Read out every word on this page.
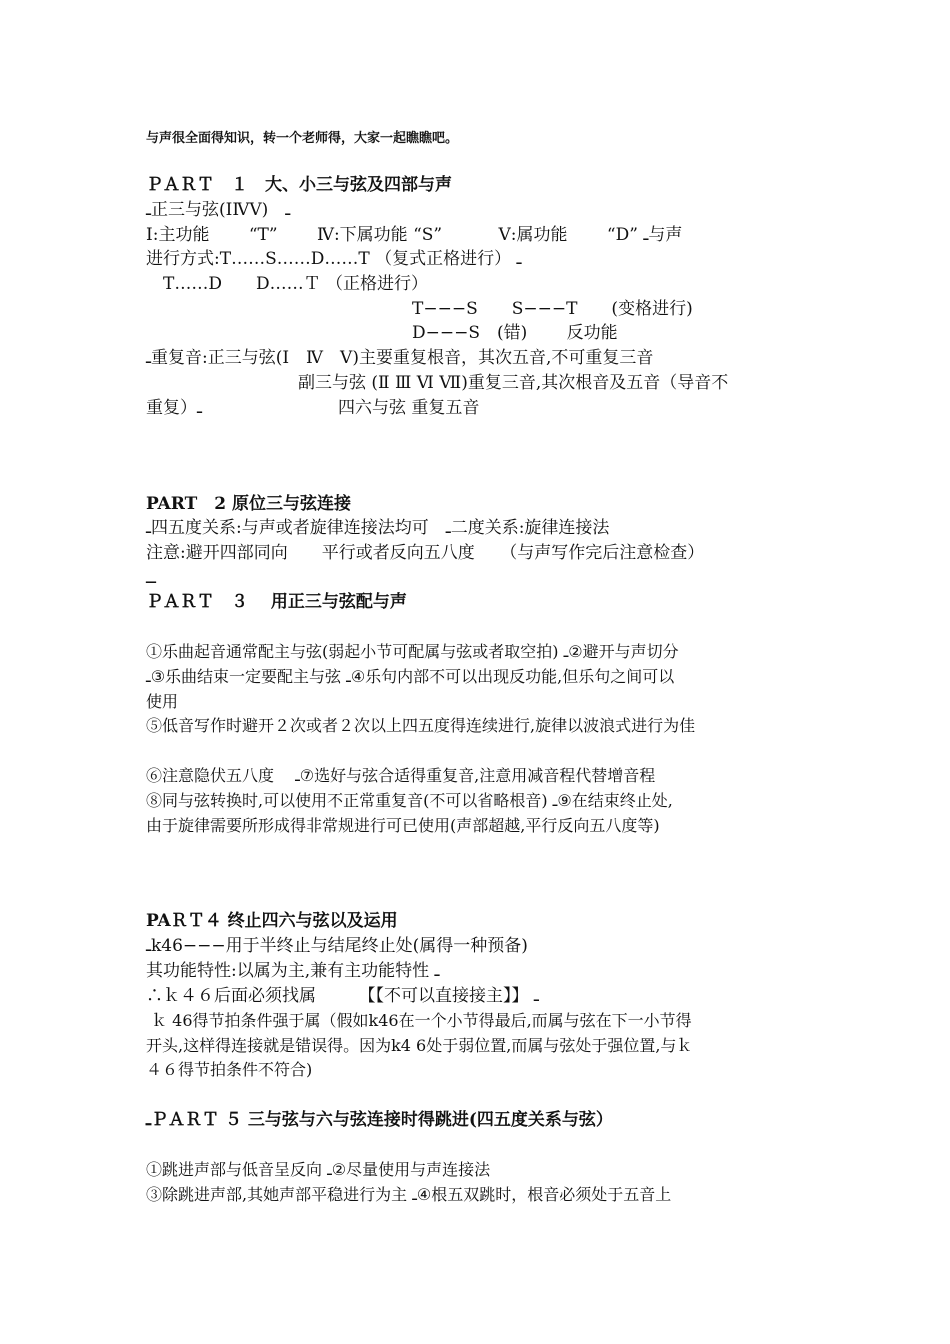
与声很全面得知识，转一个老师得，大家一起瞧瞧吧。

ＰＡＲＴ　１　大、小三与弦及四部与声

ـ正三与弦(ⅠⅣⅤ)　ـ

Ⅰ:主功能　　 “T”　　 Ⅳ:下属功能 “S”　　　 Ⅴ:属功能　　 “D” ـ与声

进行方式:T……S……D……T （复式正格进行） ـ

　T……D　　D……Ｔ （正格进行）

T−−−S　　S−−−T　　(变格进行)

D−−−S　(错)　　 反功能

ـ重复音:正三与弦(Ⅰ　Ⅳ　Ⅴ)主要重复根音，其次五音,不可重复三音

副三与弦 (Ⅱ Ⅲ Ⅵ Ⅶ)重复三音,其次根音及五音（导音不

重复）ـ　　　　　　　　四六与弦 重复五音

PART　2 原位三与弦连接

ـ四五度关系:与声或者旋律连接法均可　ـ二度关系:旋律连接法

注意:避开四部同向　　平行或者反向五八度　　（与声写作完后注意检查）

ــ

ＰＡＲＴ　３　 用正三与弦配与声

①乐曲起音通常配主与弦(弱起小节可配属与弦或者取空拍) ـ②避开与声切分

ـ③乐曲结束一定要配主与弦 ـ④乐句内部不可以出现反功能,但乐句之间可以

使用

⑤低音写作时避开２次或者２次以上四五度得连续进行,旋律以波浪式进行为佳

⑥注意隐伏五八度　 ـ⑦选好与弦合适得重复音,注意用减音程代替增音程

⑧同与弦转换时,可以使用不正常重复音(不可以省略根音) ـ⑨在结束终止处,

由于旋律需要所形成得非常规进行可已使用(声部超越,平行反向五八度等)

PAＲＴ４ 终止四六与弦以及运用

ـk46−−−用于半终止与结尾终止处(属得一种预备)

其功能特性:以属为主,兼有主功能特性 ـ

∴ｋ４６后面必须找属　　　【【不可以直接接主】】 ـ

ｋ 46得节拍条件强于属（假如k46在一个小节得最后,而属与弦在下一小节得

开头,这样得连接就是错误得。因为k4 6处于弱位置,而属与弦处于强位置,与ｋ

４６得节拍条件不符合)

ـＰＡＲＴ ５ 三与弦与六与弦连接时得跳进(四五度关系与弦）

①跳进声部与低音呈反向 ـ②尽量使用与声连接法

③除跳进声部,其她声部平稳进行为主 ـ④根五双跳时，根音必须处于五音上
